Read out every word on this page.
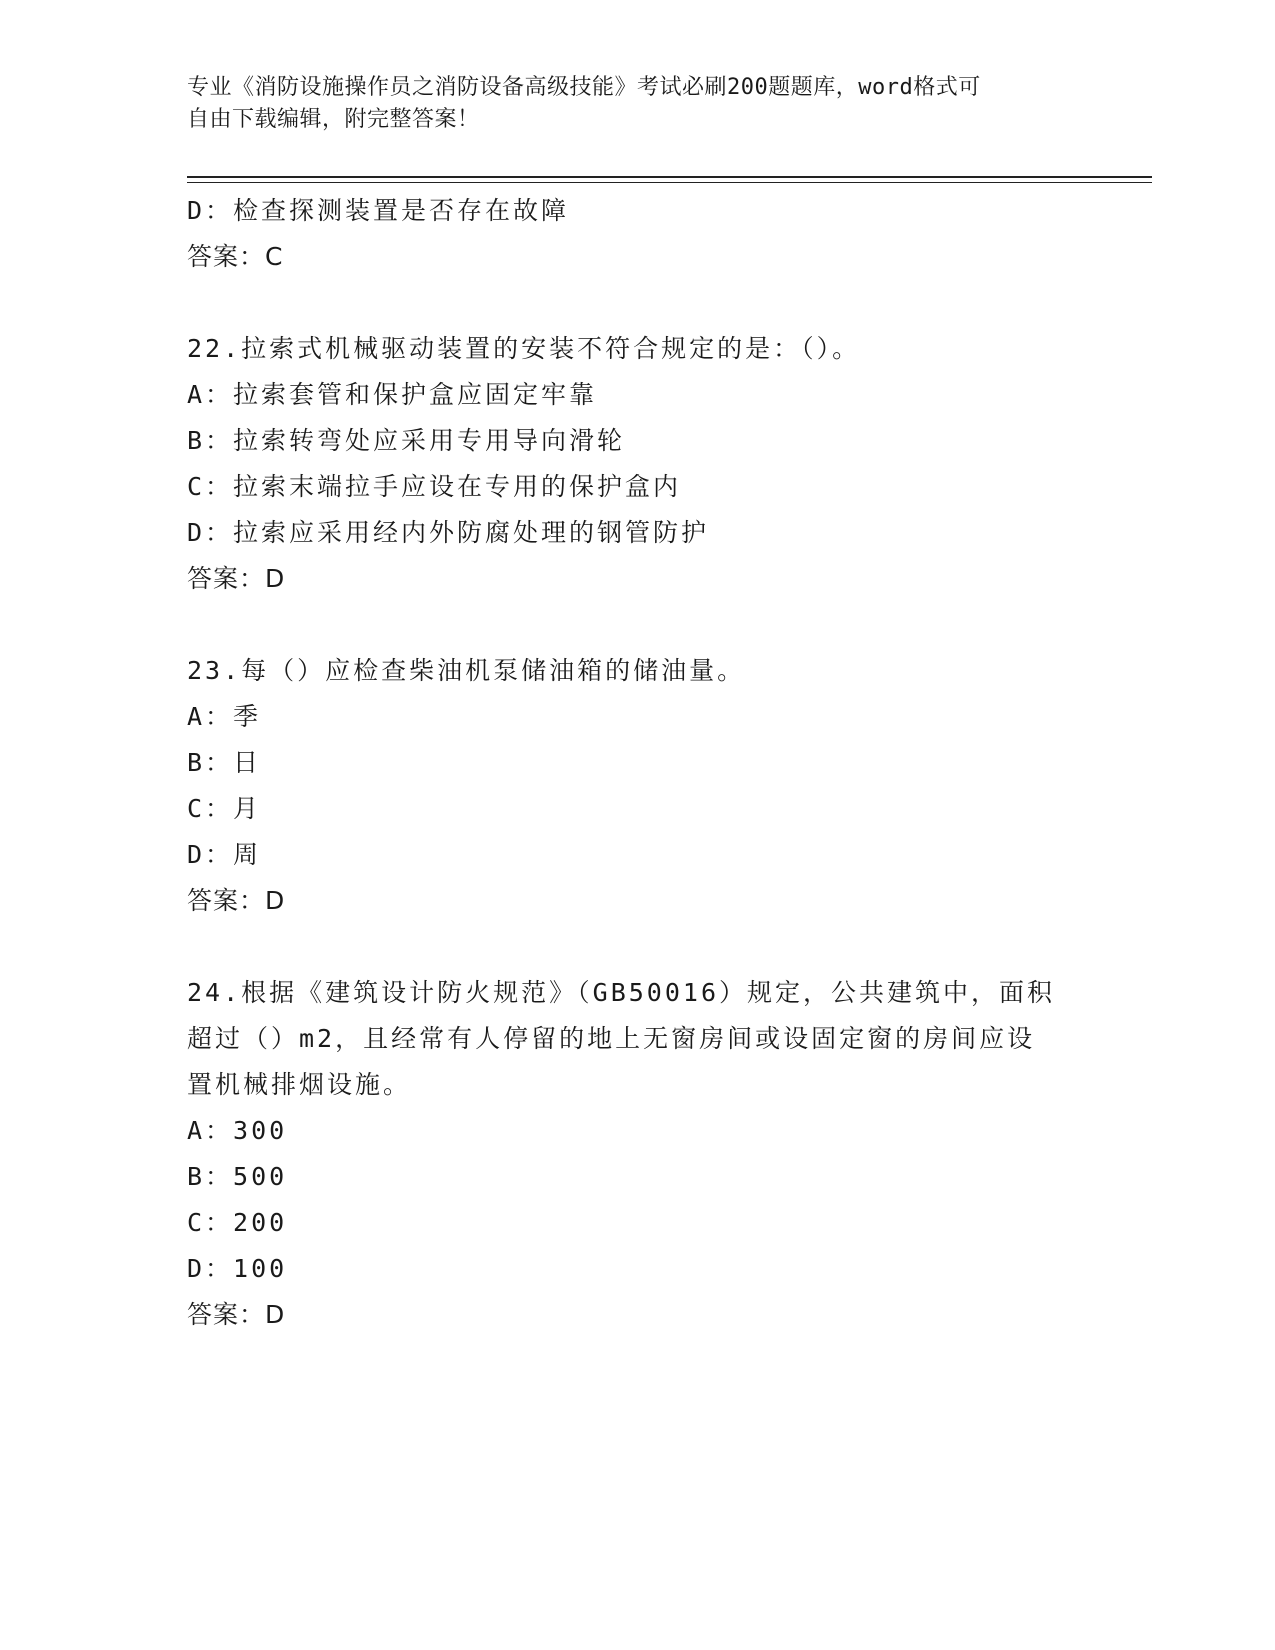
专业《消防设施操作员之消防设备高级技能》考试必刷200题题库，word格式可
自由下载编辑，附完整答案！
D：检查探测装置是否存在故障
答案：C
22.拉索式机械驱动装置的安装不符合规定的是：（）。
A：拉索套管和保护盒应固定牢靠
B：拉索转弯处应采用专用导向滑轮
C：拉索末端拉手应设在专用的保护盒内
D：拉索应采用经内外防腐处理的钢管防护
答案：D
23.每（）应检查柴油机泵储油箱的储油量。
A：季
B：日
C：月
D：周
答案：D
24.根据《建筑设计防火规范》（GB50016）规定，公共建筑中，面积
超过（）m2，且经常有人停留的地上无窗房间或设固定窗的房间应设
置机械排烟设施。
A：300
B：500
C：200
D：100
答案：D
